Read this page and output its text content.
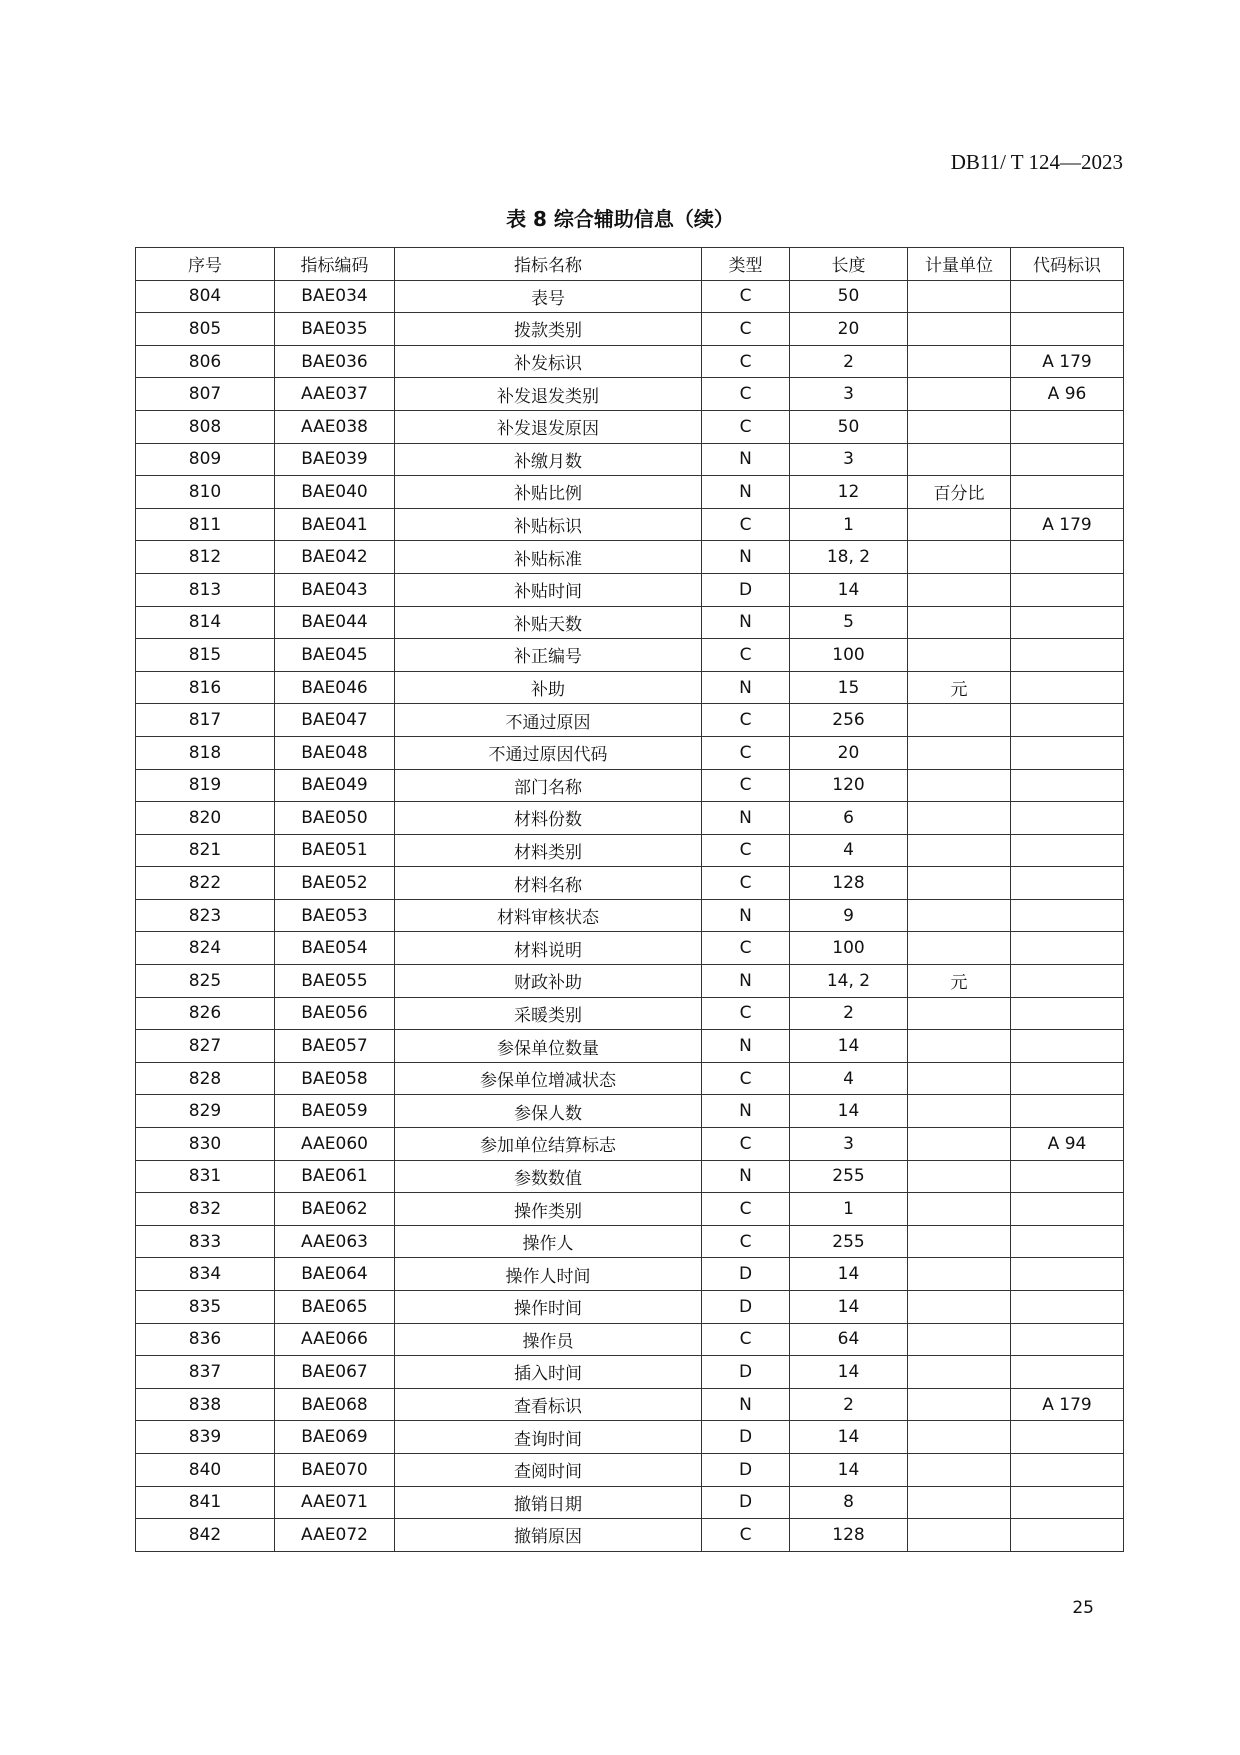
DB11/ T 124—2023
表 8 综合辅助信息（续）
序号	指标编码	指标名称	类型	长度	计量单位	代码标识
804	BAE034	表号	C	50		
805	BAE035	拨款类别	C	20		
806	BAE036	补发标识	C	2		A 179
807	AAE037	补发退发类别	C	3		A 96
808	AAE038	补发退发原因	C	50		
809	BAE039	补缴月数	N	3		
810	BAE040	补贴比例	N	12	百分比	
811	BAE041	补贴标识	C	1		A 179
812	BAE042	补贴标准	N	18, 2		
813	BAE043	补贴时间	D	14		
814	BAE044	补贴天数	N	5		
815	BAE045	补正编号	C	100		
816	BAE046	补助	N	15	元	
817	BAE047	不通过原因	C	256		
818	BAE048	不通过原因代码	C	20		
819	BAE049	部门名称	C	120		
820	BAE050	材料份数	N	6		
821	BAE051	材料类别	C	4		
822	BAE052	材料名称	C	128		
823	BAE053	材料审核状态	N	9		
824	BAE054	材料说明	C	100		
825	BAE055	财政补助	N	14, 2	元	
826	BAE056	采暖类别	C	2		
827	BAE057	参保单位数量	N	14		
828	BAE058	参保单位增减状态	C	4		
829	BAE059	参保人数	N	14		
830	AAE060	参加单位结算标志	C	3		A 94
831	BAE061	参数数值	N	255		
832	BAE062	操作类别	C	1		
833	AAE063	操作人	C	255		
834	BAE064	操作人时间	D	14		
835	BAE065	操作时间	D	14		
836	AAE066	操作员	C	64		
837	BAE067	插入时间	D	14		
838	BAE068	查看标识	N	2		A 179
839	BAE069	查询时间	D	14		
840	BAE070	查阅时间	D	14		
841	AAE071	撤销日期	D	8		
842	AAE072	撤销原因	C	128		
25
